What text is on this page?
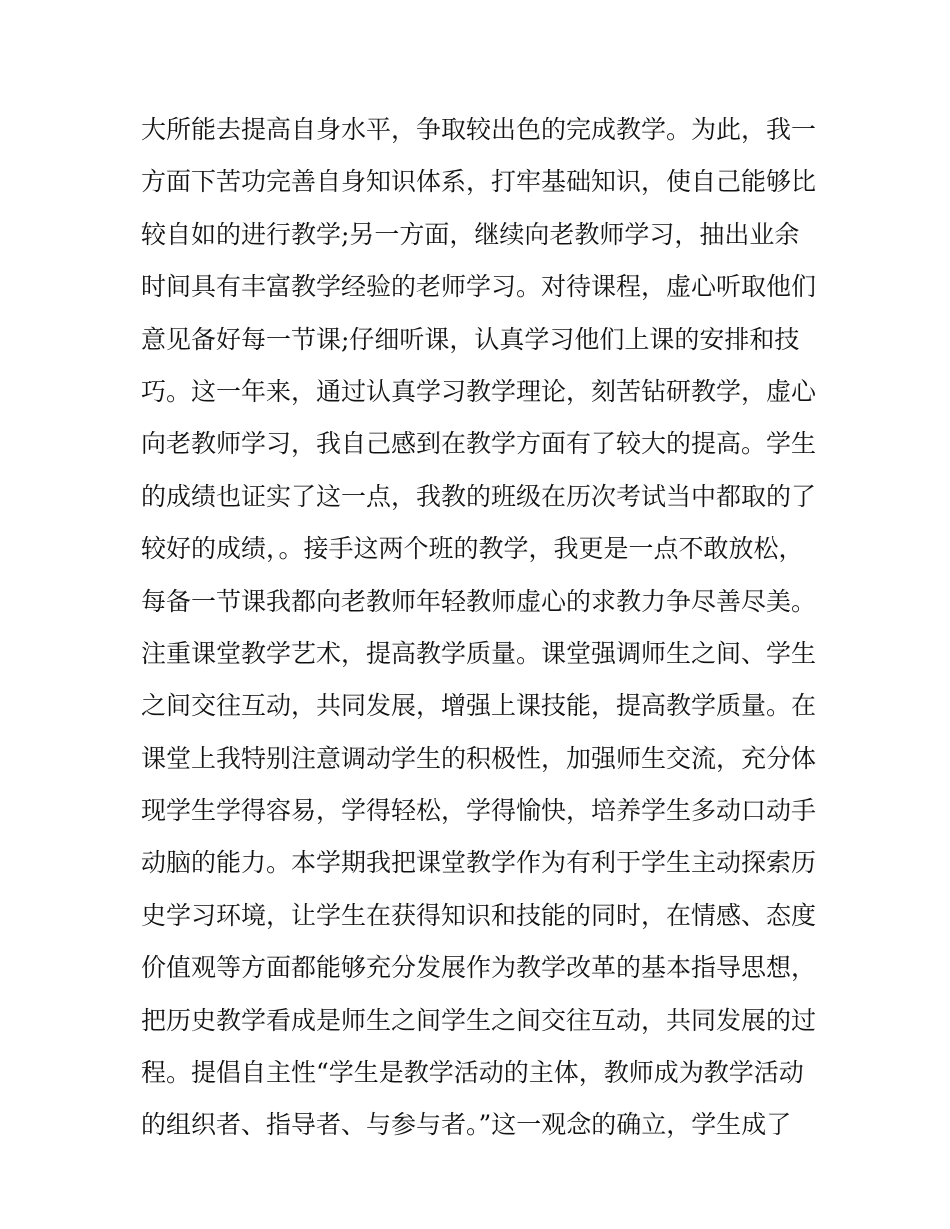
大所能去提高自身水平，争取较出色的完成教学。为此，我一
方面下苦功完善自身知识体系，打牢基础知识，使自己能够比
较自如的进行教学;另一方面，继续向老教师学习，抽出业余
时间具有丰富教学经验的老师学习。对待课程，虚心听取他们
意见备好每一节课;仔细听课，认真学习他们上课的安排和技
巧。这一年来，通过认真学习教学理论，刻苦钻研教学，虚心
向老教师学习，我自己感到在教学方面有了较大的提高。学生
的成绩也证实了这一点，我教的班级在历次考试当中都取的了
较好的成绩，。接手这两个班的教学，我更是一点不敢放松，
每备一节课我都向老教师年轻教师虚心的求教力争尽善尽美。
注重课堂教学艺术，提高教学质量。课堂强调师生之间、学生
之间交往互动，共同发展，增强上课技能，提高教学质量。在
课堂上我特别注意调动学生的积极性，加强师生交流，充分体
现学生学得容易，学得轻松，学得愉快，培养学生多动口动手
动脑的能力。本学期我把课堂教学作为有利于学生主动探索历
史学习环境，让学生在获得知识和技能的同时，在情感、态度
价值观等方面都能够充分发展作为教学改革的基本指导思想，
把历史教学看成是师生之间学生之间交往互动，共同发展的过
程。提倡自主性“学生是教学活动的主体，教师成为教学活动
的组织者、指导者、与参与者。”这一观念的确立，学生成了
